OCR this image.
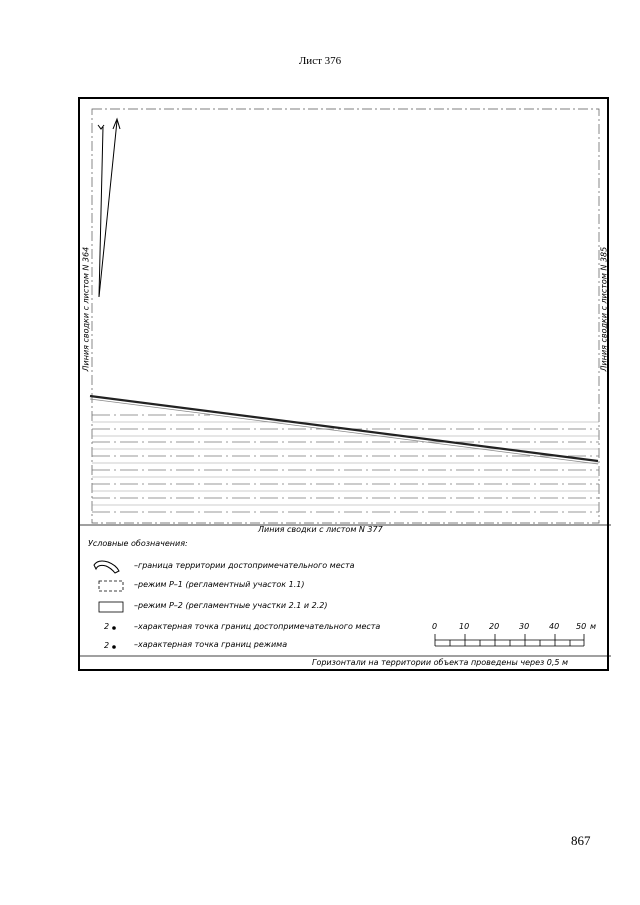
Лист 376
Линия сводки с листом N 364	Линия сводки с листом N 385
Линия сводки с листом N 377
Условные обозначения:
–граница территории достопримечательного места
–режим Р–1 (регламентный участок 1.1)
–режим Р–2 (регламентные участки 2.1 и 2.2)
2	–характерная точка границ достопримечательного места
2	–характерная точка границ режима
0	10 20 30 40 50 м
Горизонтали на территории объекта проведены через 0,5 м
867
